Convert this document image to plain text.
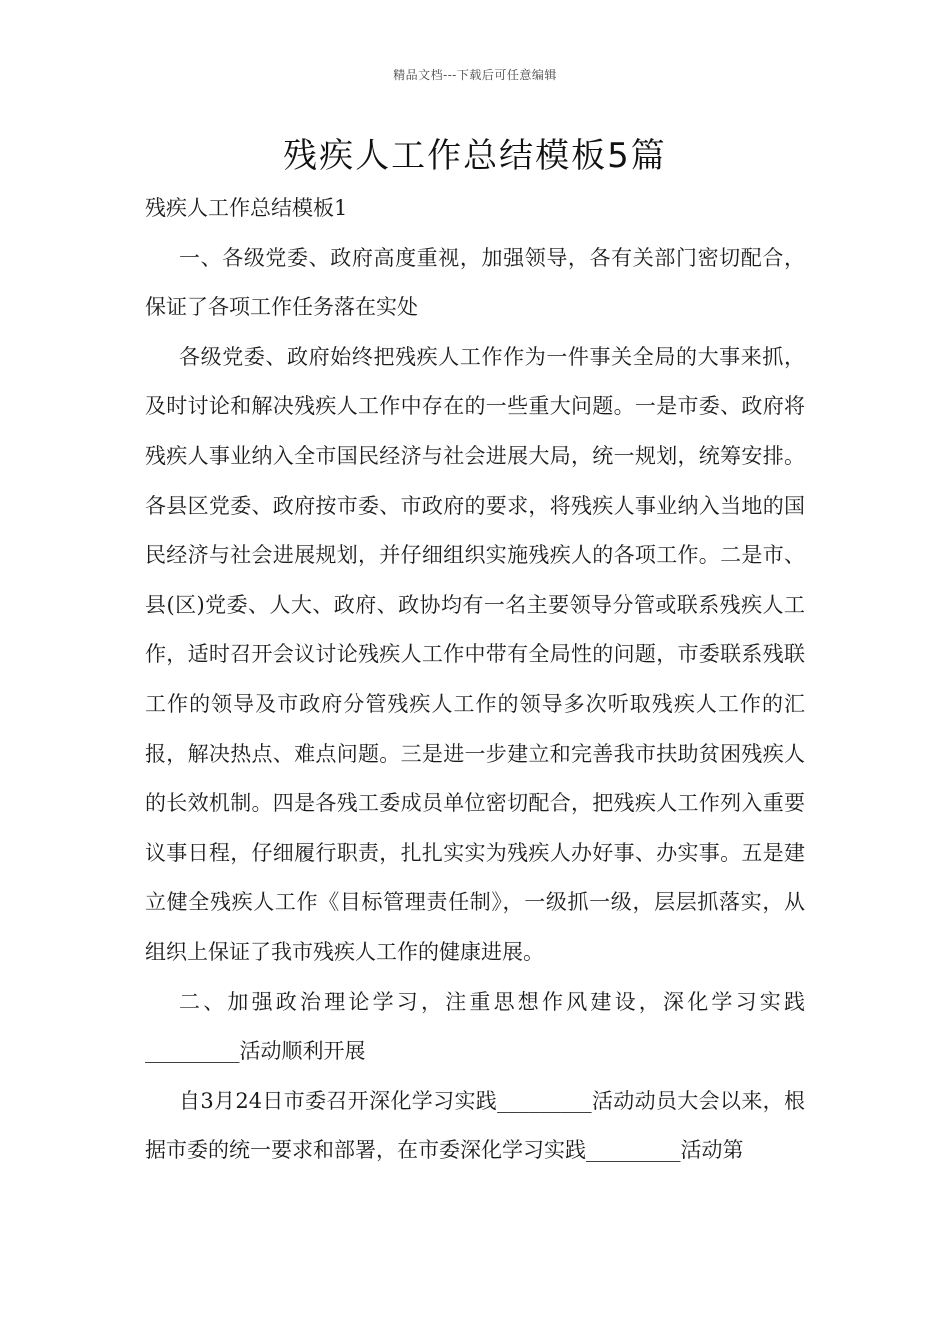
精品文档---下载后可任意编辑
残疾人工作总结模板5篇

残疾人工作总结模板1

一、各级党委、政府高度重视，加强领导，各有关部门密切配合，保证了各项工作任务落在实处

各级党委、政府始终把残疾人工作作为一件事关全局的大事来抓，及时讨论和解决残疾人工作中存在的一些重大问题。一是市委、政府将残疾人事业纳入全市国民经济与社会进展大局，统一规划，统筹安排。各县区党委、政府按市委、市政府的要求，将残疾人事业纳入当地的国民经济与社会进展规划，并仔细组织实施残疾人的各项工作。二是市、县(区)党委、人大、政府、政协均有一名主要领导分管或联系残疾人工作，适时召开会议讨论残疾人工作中带有全局性的问题，市委联系残联工作的领导及市政府分管残疾人工作的领导多次听取残疾人工作的汇报，解决热点、难点问题。三是进一步建立和完善我市扶助贫困残疾人的长效机制。四是各残工委成员单位密切配合，把残疾人工作列入重要议事日程，仔细履行职责，扎扎实实为残疾人办好事、办实事。五是建立健全残疾人工作《目标管理责任制》，一级抓一级，层层抓落实，从组织上保证了我市残疾人工作的健康进展。

二、加强政治理论学习，注重思想作风建设，深化学习实践_________活动顺利开展

自3月24日市委召开深化学习实践_________活动动员大会以来，根据市委的统一要求和部署，在市委深化学习实践_________活动第
